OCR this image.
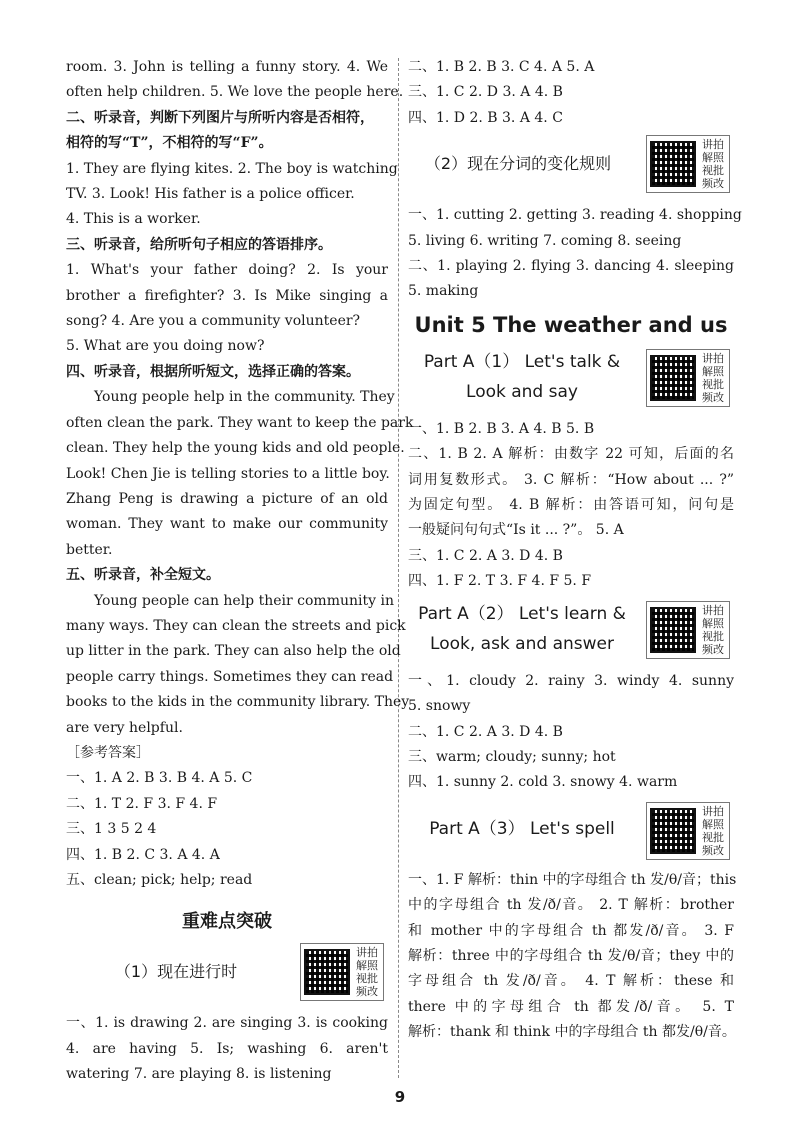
room. 3. John is telling a funny story. 4. We
often help children. 5. We love the people here.
二、听录音，判断下列图片与所听内容是否相符，
相符的写“T”，不相符的写“F”。
1. They are flying kites. 2. The boy is watching
TV. 3. Look! His father is a police officer.
4. This is a worker.
三、听录音，给所听句子相应的答语排序。
1. What's your father doing? 2. Is your
brother a firefighter? 3. Is Mike singing a
song? 4. Are you a community volunteer?
5. What are you doing now?
四、听录音，根据所听短文，选择正确的答案。
Young people help in the community. They
often clean the park. They want to keep the park
clean. They help the young kids and old people.
Look! Chen Jie is telling stories to a little boy.
Zhang Peng is drawing a picture of an old
woman. They want to make our community
better.
五、听录音，补全短文。
Young people can help their community in
many ways. They can clean the streets and pick
up litter in the park. They can also help the old
people carry things. Sometimes they can read
books to the kids in the community library. They
are very helpful.
［参考答案］
一、1. A 2. B 3. B 4. A 5. C
二、1. T 2. F 3. F 4. F
三、1 3 5 2 4
四、1. B 2. C 3. A 4. A
五、clean; pick; help; read
重难点突破
（1）现在进行时
讲拍
解照
视批
频改
一、1. is drawing 2. are singing 3. is cooking
4. are having 5. Is; washing 6. aren't
watering 7. are playing 8. is listening
二、1. B 2. B 3. C 4. A 5. A
三、1. C 2. D 3. A 4. B
四、1. D 2. B 3. A 4. C
（2）现在分词的变化规则
讲拍
解照
视批
频改
一、1. cutting 2. getting 3. reading 4. shopping
5. living 6. writing 7. coming 8. seeing
二、1. playing 2. flying 3. dancing 4. sleeping
5. making
Unit 5 The weather and us
Part A（1） Let's talk &
Look and say
讲拍
解照
视批
频改
一、1. B 2. B 3. A 4. B 5. B
二、1. B 2. A 解析：由数字 22 可知，后面的名
词用复数形式。 3. C 解析：“How about ... ?”
为固定句型。 4. B 解析：由答语可知，问句是
一般疑问句句式“Is it ... ?”。 5. A
三、1. C 2. A 3. D 4. B
四、1. F 2. T 3. F 4. F 5. F
Part A（2） Let's learn &
Look, ask and answer
讲拍
解照
视批
频改
一、1. cloudy 2. rainy 3. windy 4. sunny
5. snowy
二、1. C 2. A 3. D 4. B
三、warm; cloudy; sunny; hot
四、1. sunny 2. cold 3. snowy 4. warm
Part A（3） Let's spell
讲拍
解照
视批
频改
一、1. F 解析：thin 中的字母组合 th 发/θ/音；this
中的字母组合 th 发/ð/音。 2. T 解析：brother
和 mother 中的字母组合 th 都发/ð/音。 3. F
解析：three 中的字母组合 th 发/θ/音；they 中的
字母组合 th 发/ð/音。 4. T 解析：these 和
there 中的字母组合 th 都发/ð/音。 5. T
解析：thank 和 think 中的字母组合 th 都发/θ/音。
9
